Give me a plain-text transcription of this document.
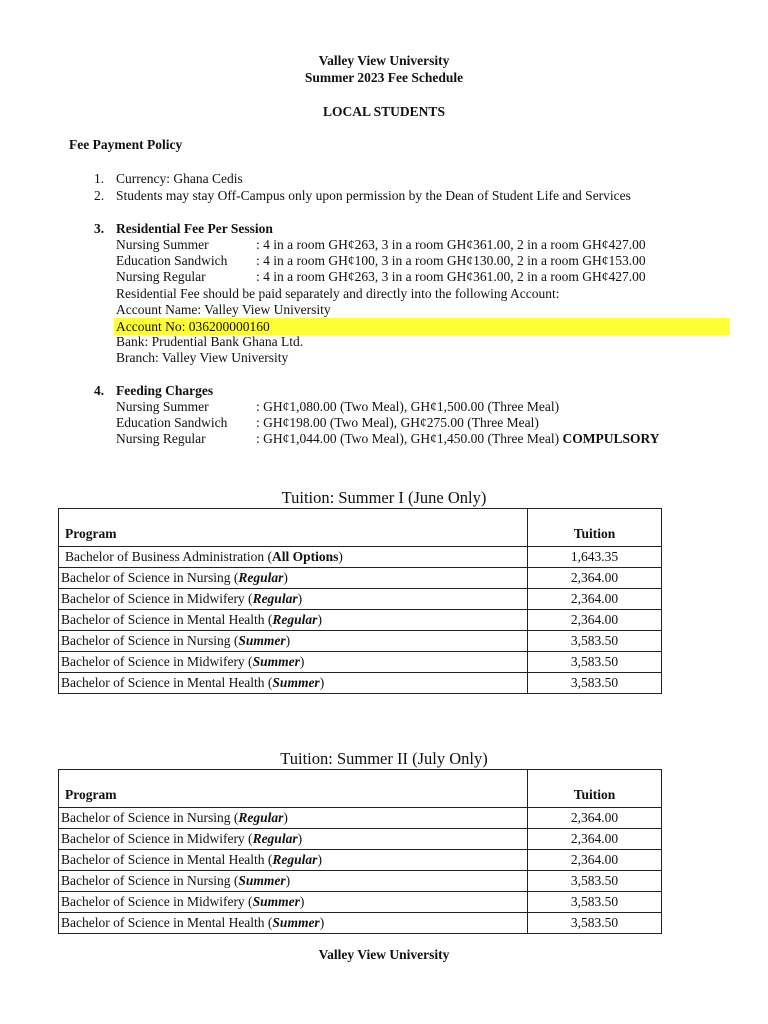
Valley View University
Summer 2023 Fee Schedule
LOCAL STUDENTS
Fee Payment Policy
1. Currency: Ghana Cedis
2. Students may stay Off-Campus only upon permission by the Dean of Student Life and Services
3. Residential Fee Per Session
Nursing Summer	: 4 in a room GH¢263, 3 in a room GH¢361.00, 2 in a room GH¢427.00
Education Sandwich : 4 in a room GH¢100, 3 in a room GH¢130.00, 2 in a room GH¢153.00
Nursing Regular	: 4 in a room GH¢263, 3 in a room GH¢361.00, 2 in a room GH¢427.00
Residential Fee should be paid separately and directly into the following Account:
Account Name: Valley View University
Account No: 036200000160
Bank: Prudential Bank Ghana Ltd.
Branch: Valley View University
4. Feeding Charges
Nursing Summer	: GH¢1,080.00 (Two Meal), GH¢1,500.00 (Three Meal)
Education Sandwich : GH¢198.00 (Two Meal), GH¢275.00 (Three Meal)
Nursing Regular	: GH¢1,044.00 (Two Meal), GH¢1,450.00 (Three Meal) COMPULSORY
Tuition: Summer I (June Only)
Program	Tuition
Bachelor of Business Administration (All Options)	1,643.35
Bachelor of Science in Nursing (Regular)	2,364.00
Bachelor of Science in Midwifery (Regular)	2,364.00
Bachelor of Science in Mental Health (Regular)	2,364.00
Bachelor of Science in Nursing (Summer)	3,583.50
Bachelor of Science in Midwifery (Summer)	3,583.50
Bachelor of Science in Mental Health (Summer)	3,583.50
Tuition: Summer II (July Only)
Program	Tuition
Bachelor of Science in Nursing (Regular)	2,364.00
Bachelor of Science in Midwifery (Regular)	2,364.00
Bachelor of Science in Mental Health (Regular)	2,364.00
Bachelor of Science in Nursing (Summer)	3,583.50
Bachelor of Science in Midwifery (Summer)	3,583.50
Bachelor of Science in Mental Health (Summer)	3,583.50
Valley View University
